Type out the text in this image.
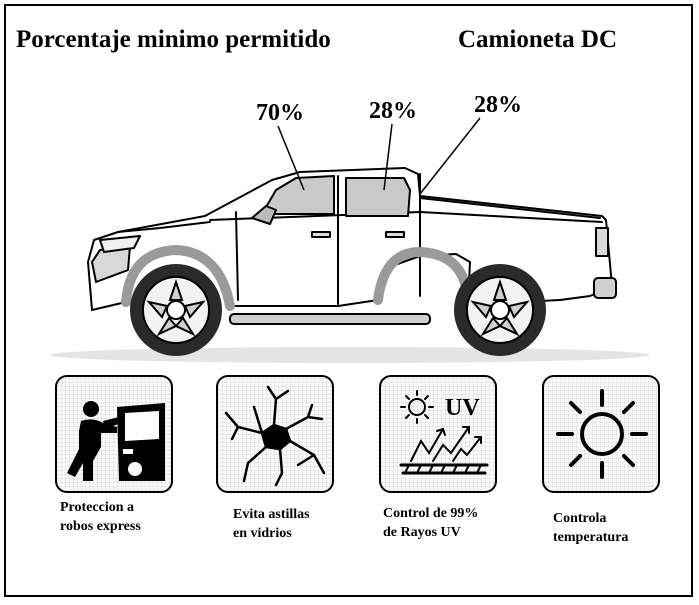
Porcentaje minimo permitido	Camioneta DC
70%	28% 28%
Proteccion a
robos express
Evita astillas
en vidrios
UV
Control de 99%
de Rayos UV
Controla
temperatura
